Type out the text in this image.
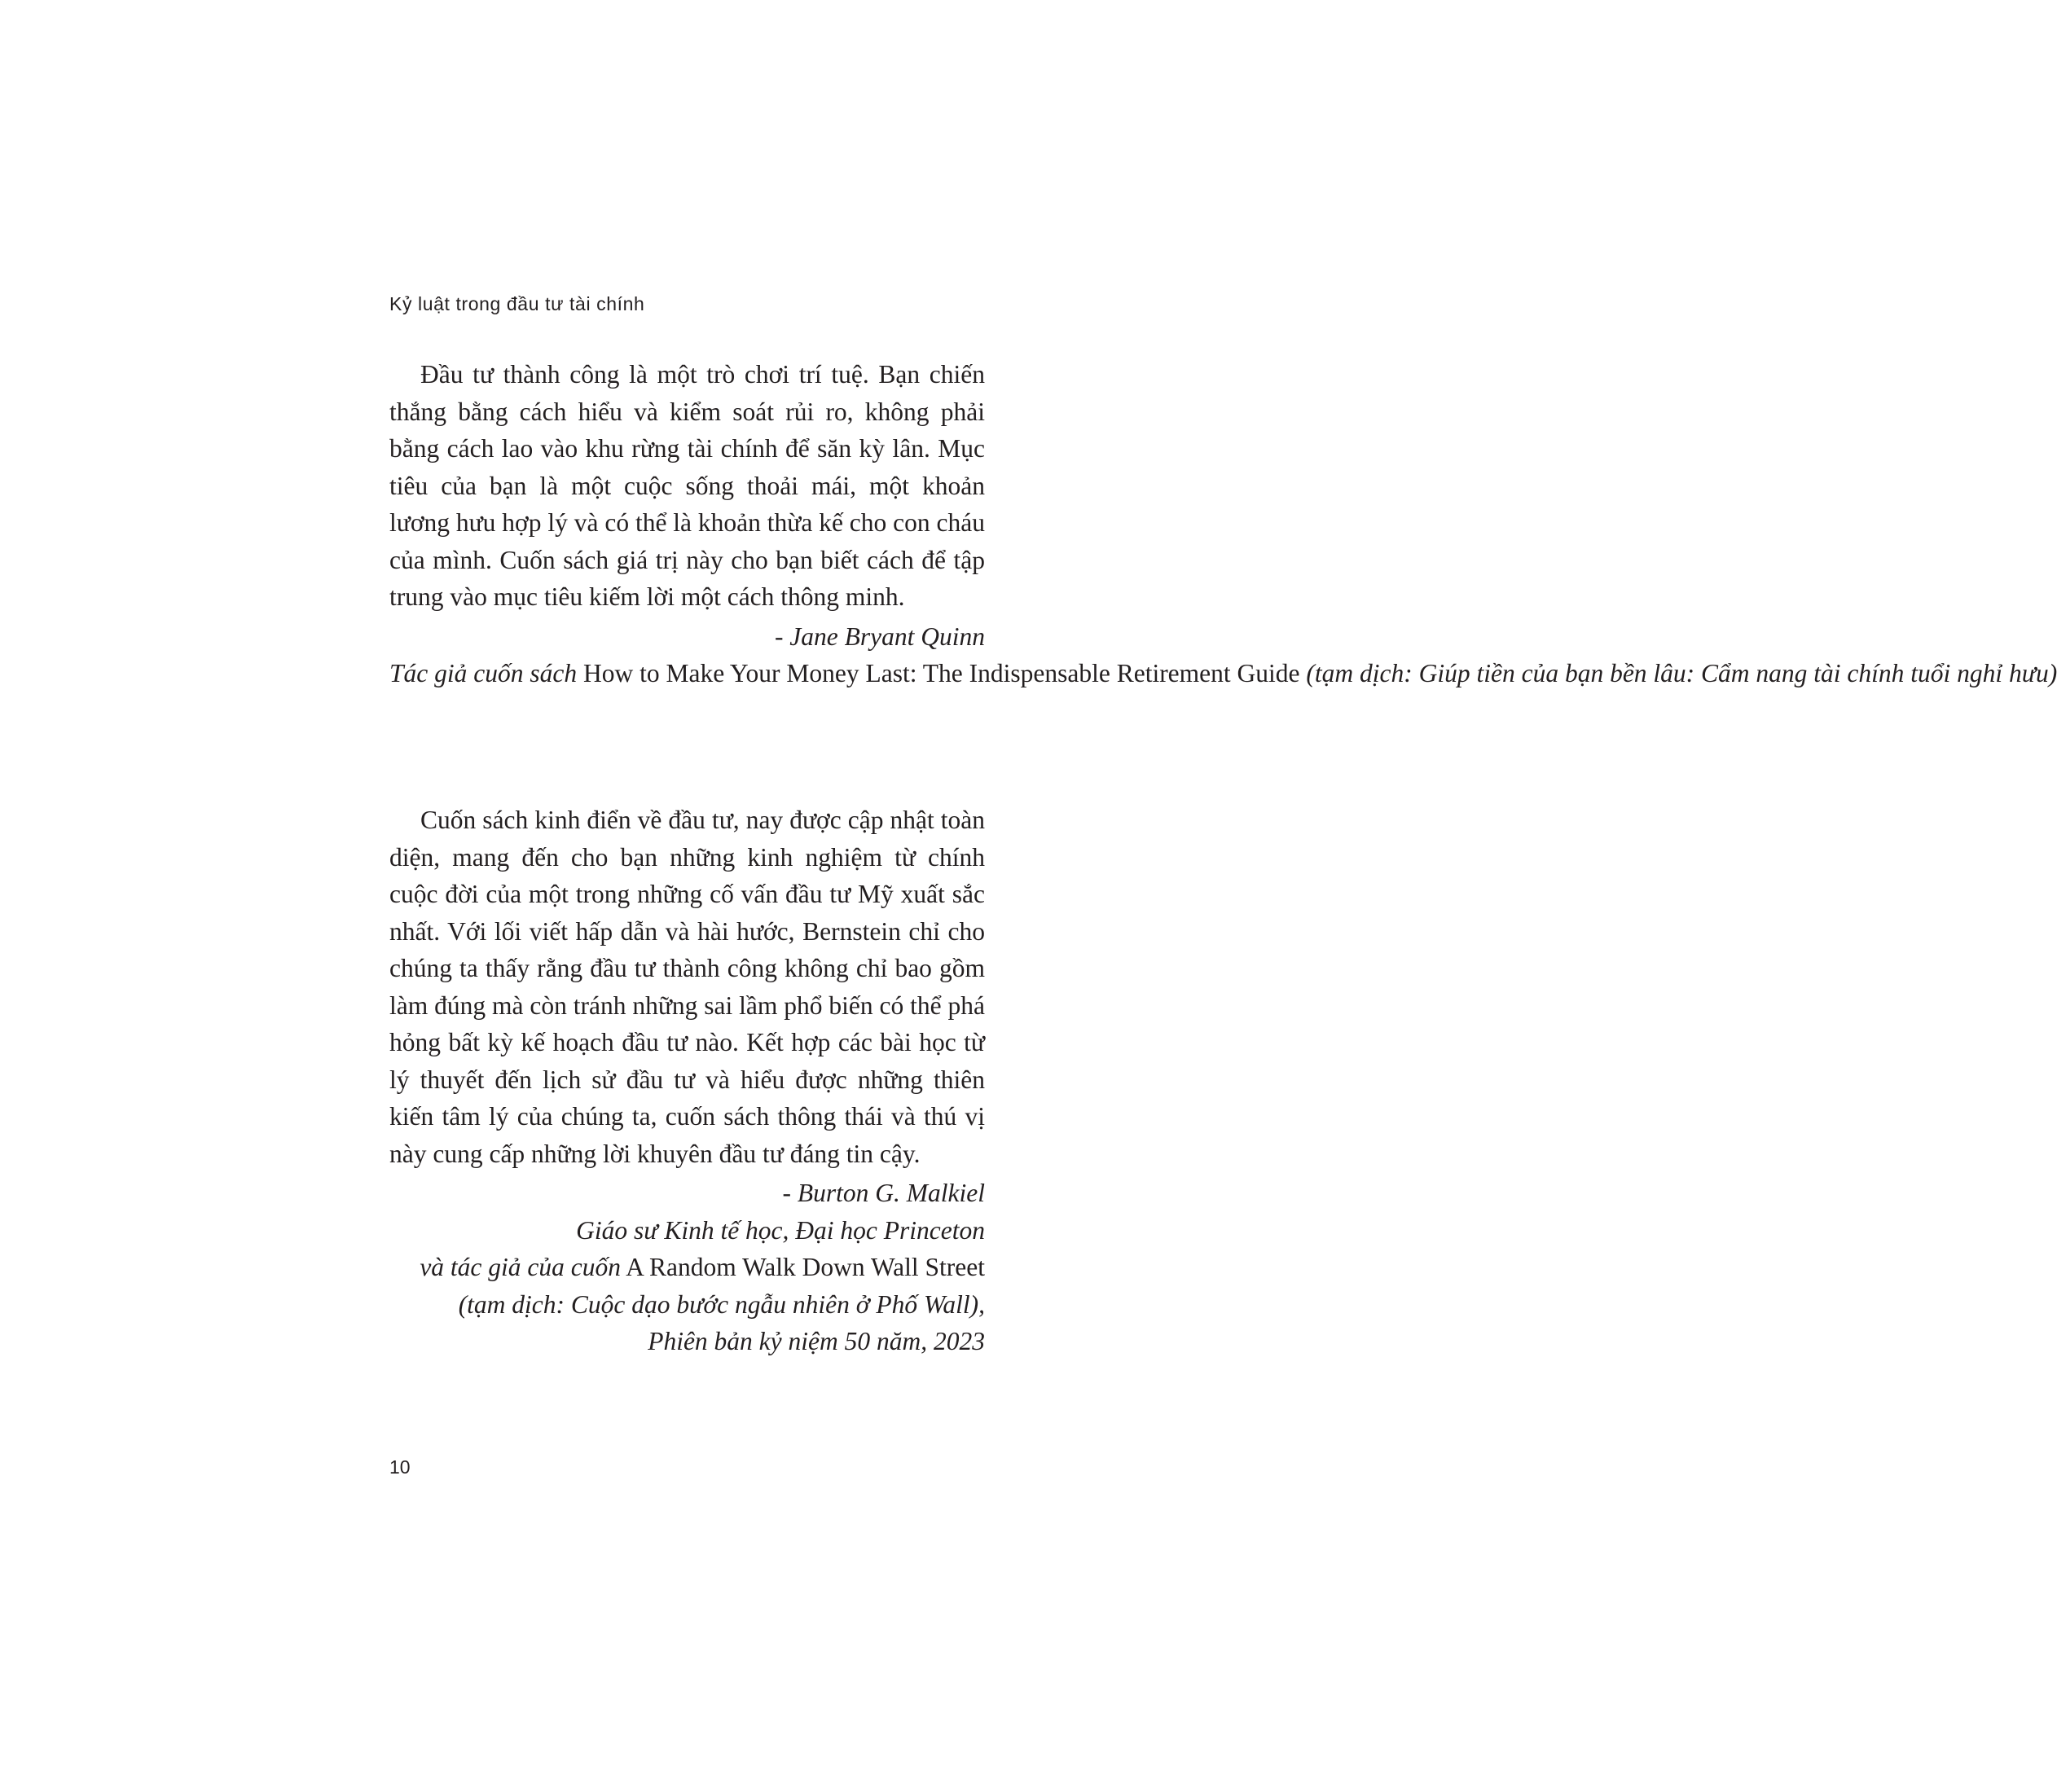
Kỷ luật trong đầu tư tài chính

Đầu tư thành công là một trò chơi trí tuệ. Bạn chiến thắng bằng cách hiểu và kiểm soát rủi ro, không phải bằng cách lao vào khu rừng tài chính để săn kỳ lân. Mục tiêu của bạn là một cuộc sống thoải mái, một khoản lương hưu hợp lý và có thể là khoản thừa kế cho con cháu của mình. Cuốn sách giá trị này cho bạn biết cách để tập trung vào mục tiêu kiếm lời một cách thông minh.

- Jane Bryant Quinn
Tác giả cuốn sách How to Make Your Money Last: The Indispensable Retirement Guide (tạm dịch: Giúp tiền của bạn bền lâu: Cẩm nang tài chính tuổi nghỉ hưu)

Cuốn sách kinh điển về đầu tư, nay được cập nhật toàn diện, mang đến cho bạn những kinh nghiệm từ chính cuộc đời của một trong những cố vấn đầu tư Mỹ xuất sắc nhất. Với lối viết hấp dẫn và hài hước, Bernstein chỉ cho chúng ta thấy rằng đầu tư thành công không chỉ bao gồm làm đúng mà còn tránh những sai lầm phổ biến có thể phá hỏng bất kỳ kế hoạch đầu tư nào. Kết hợp các bài học từ lý thuyết đến lịch sử đầu tư và hiểu được những thiên kiến tâm lý của chúng ta, cuốn sách thông thái và thú vị này cung cấp những lời khuyên đầu tư đáng tin cậy.

- Burton G. Malkiel
Giáo sư Kinh tế học, Đại học Princeton
và tác giả của cuốn A Random Walk Down Wall Street
(tạm dịch: Cuộc dạo bước ngẫu nhiên ở Phố Wall),
Phiên bản kỷ niệm 50 năm, 2023
10
